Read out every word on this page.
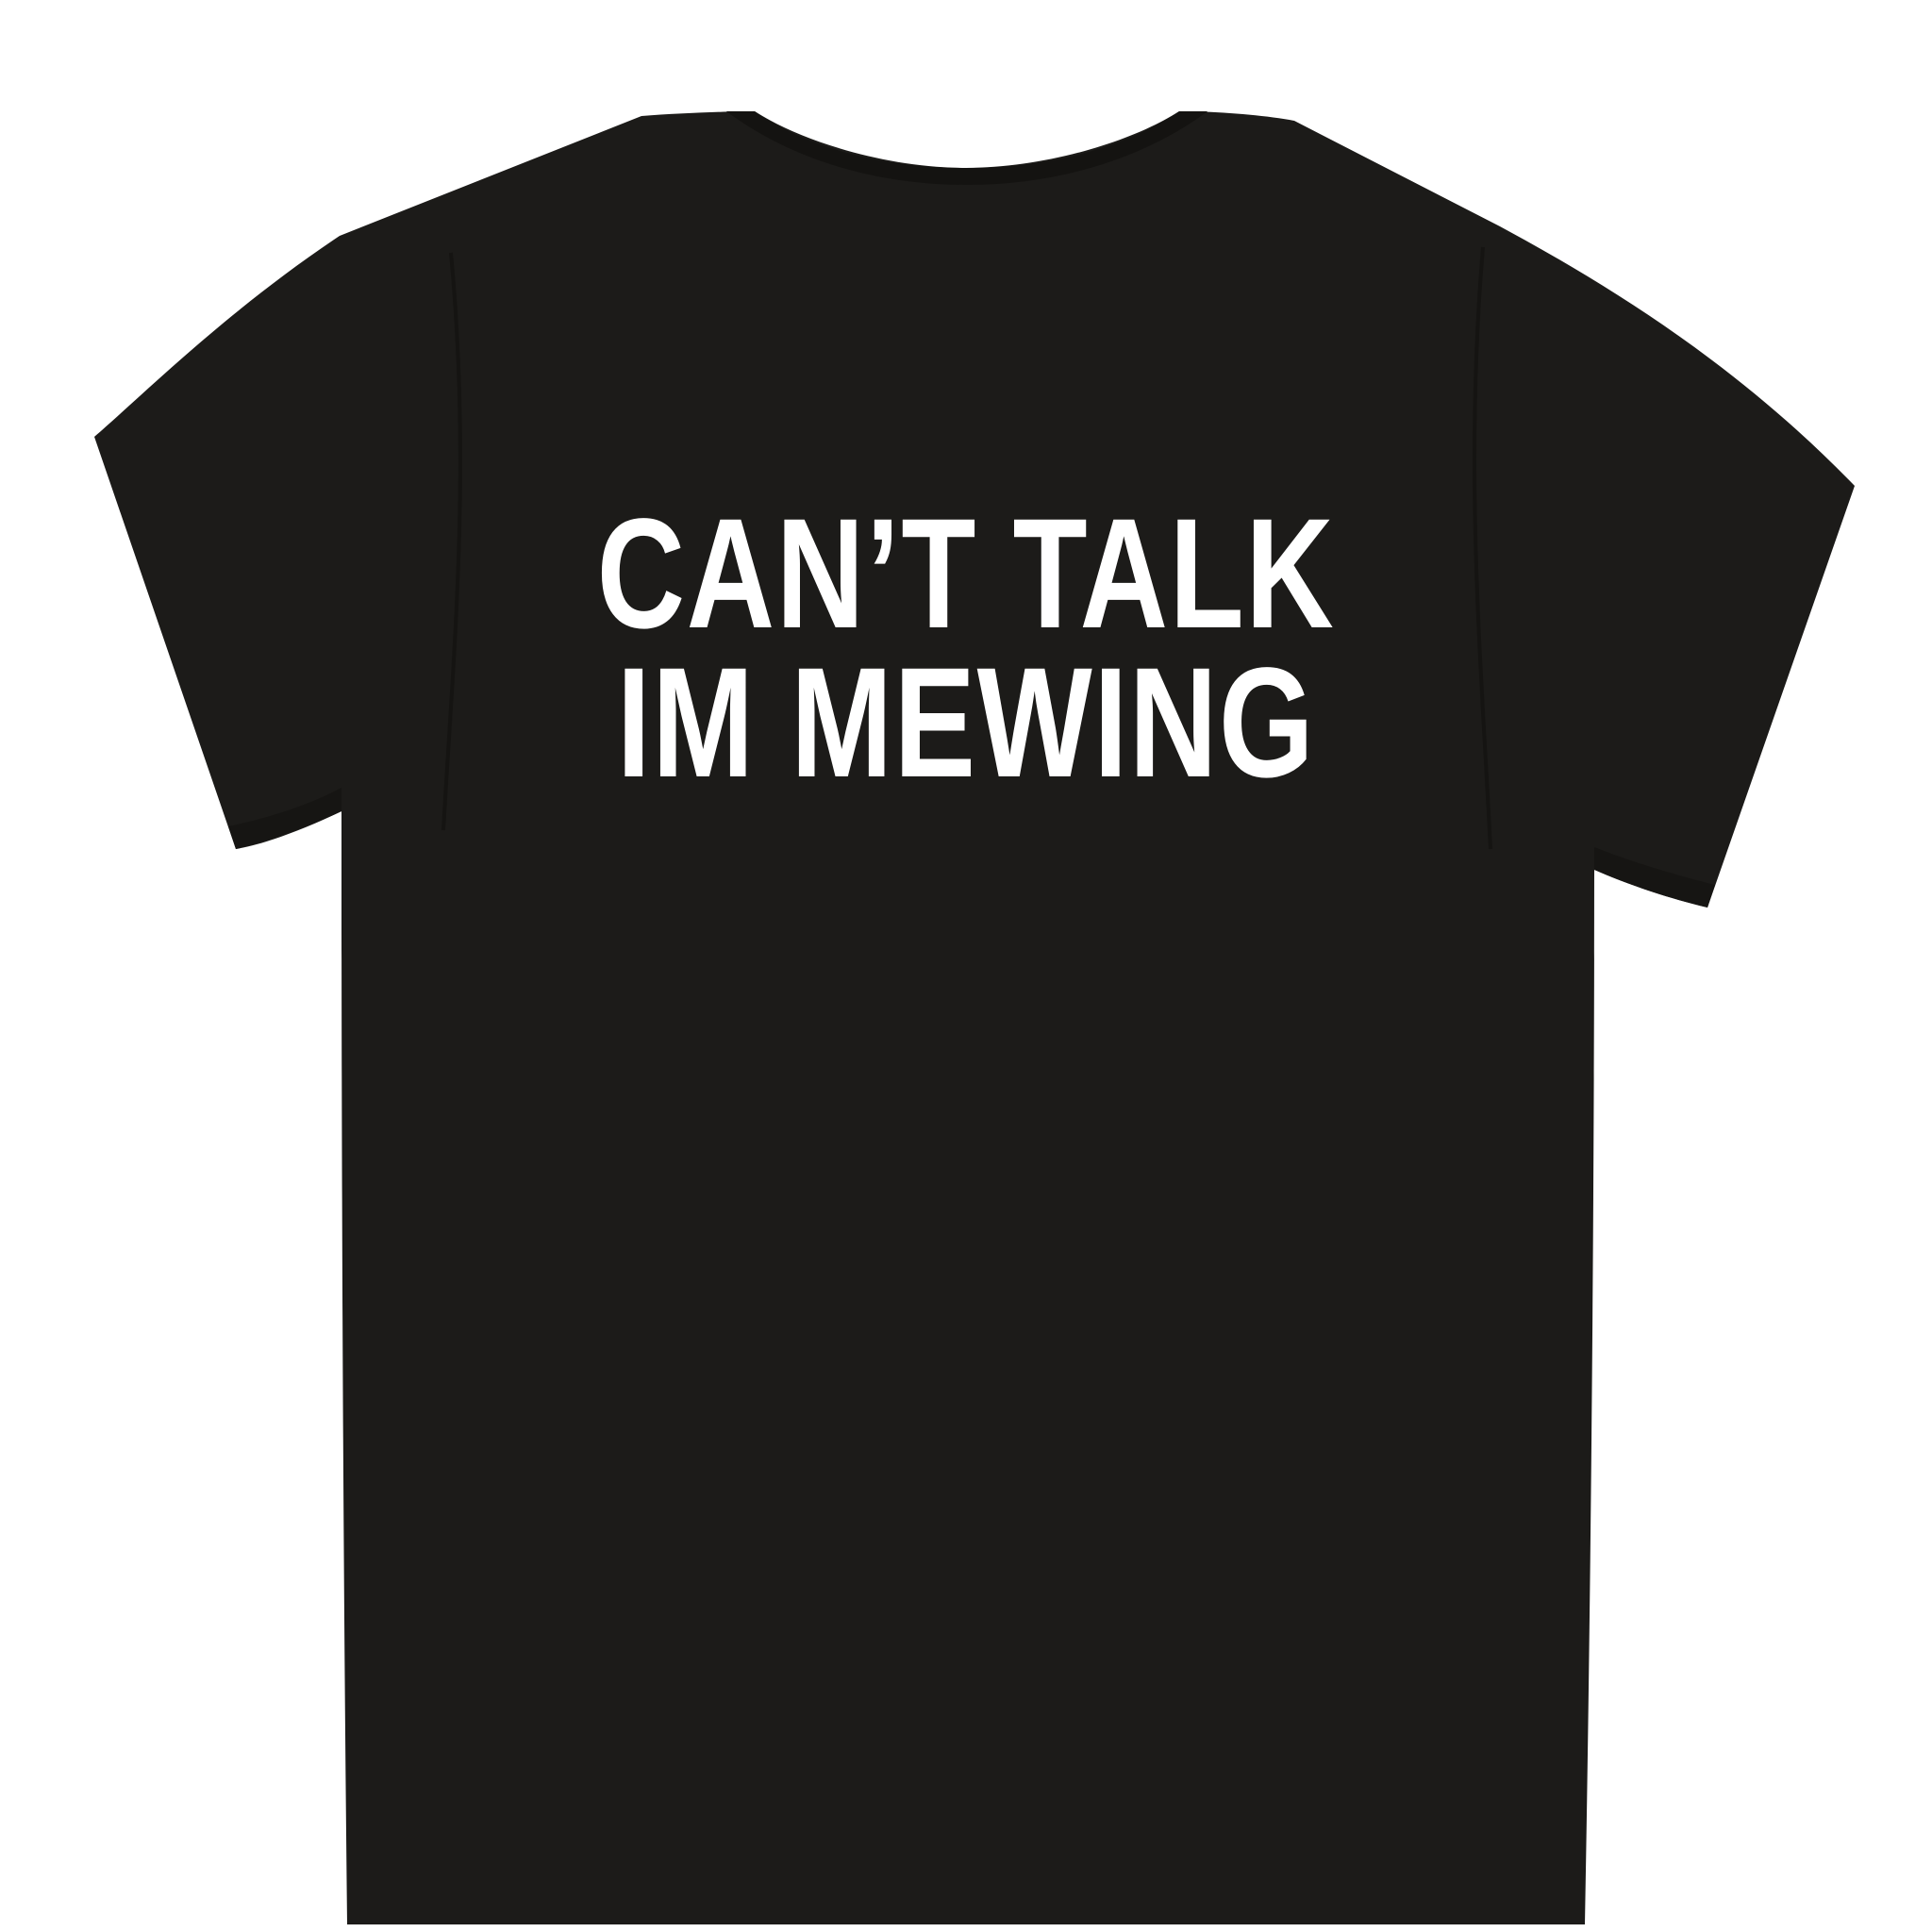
CAN’T TALK
IM MEWING
